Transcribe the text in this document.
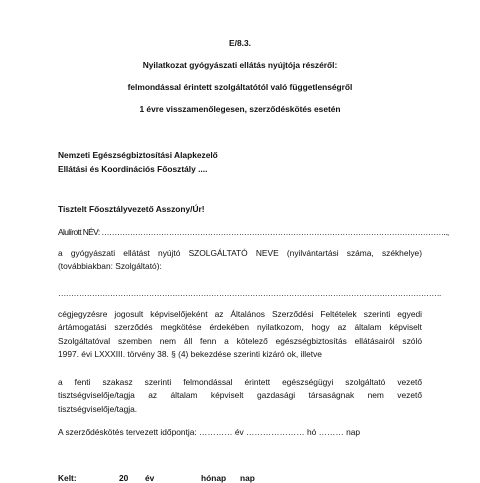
E/8.3.
Nyilatkozat gyógyászati ellátás nyújtója részéről:
felmondással érintett szolgáltatótól való függetlenségről
1 évre visszamenőlegesen, szerződéskötés esetén
Nemzeti Egészségbiztosítási Alapkezelő
Ellátási és Koordinációs Főosztály ....
Tisztelt Főosztályvezető Asszony/Úr!
Alulírott NÉV: ……………………………………………………………………………………………………………………..,
a gyógyászati ellátást nyújtó SZOLGÁLTATÓ NEVE (nyilvántartási száma, székhelye)
(továbbiakban: Szolgáltató):
………………………………………………………………………………………………………………………………….
cégjegyzésre jogosult képviselőjeként az Általános Szerződési Feltételek szerinti egyedi
ártámogatási szerződés megkötése érdekében nyilatkozom, hogy az általam képviselt
Szolgáltatóval szemben nem áll fenn a kötelező egészségbiztosítás ellátásairól szóló
1997. évi LXXXIII. törvény 38. § (4) bekezdése szerinti kizáró ok, illetve
a fenti szakasz szerinti felmondással érintett egészségügyi szolgáltató vezető
tisztségviselője/tagja az általam képviselt gazdasági társaságnak nem vezető
tisztségviselője/tagja.
A szerződéskötés tervezett időpontja: ………… év ………………… hó ……… nap
Kelt:	20 év	hónap nap
